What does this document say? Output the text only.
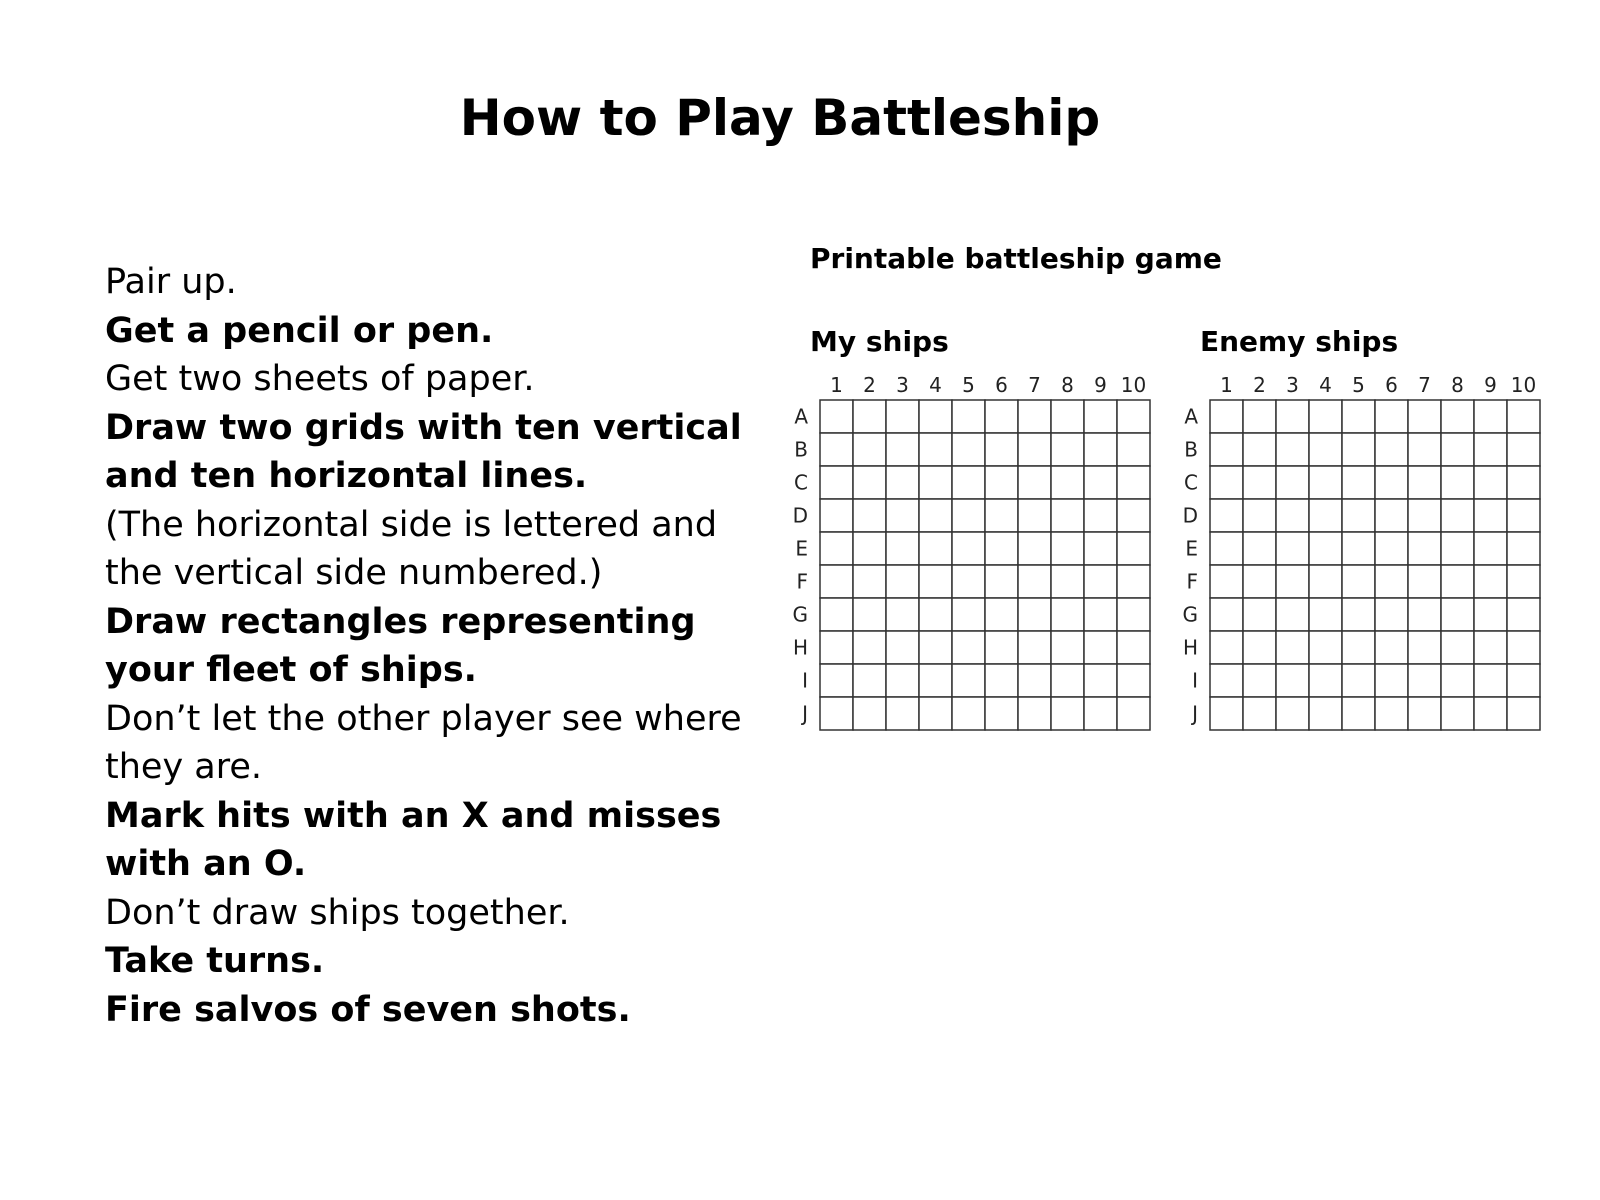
How to Play Battleship
Pair up.
Get a pencil or pen.
Get two sheets of paper.
Draw two grids with ten vertical and ten horizontal lines.
(The horizontal side is lettered and the vertical side numbered.)
Draw rectangles representing your fleet of ships.
Don’t let the other player see where they are.
Mark hits with an X and misses with an O.
Don’t draw ships together.
Take turns.
Fire salvos of seven shots.
Printable battleship game
My ships
1 2 3 4 5 6 7 8 9 10
A
B
C
D
E
F
G
H
I
J
Enemy ships
1 2 3 4 5 6 7 8 9 10
A
B
C
D
E
F
G
H
I
J
